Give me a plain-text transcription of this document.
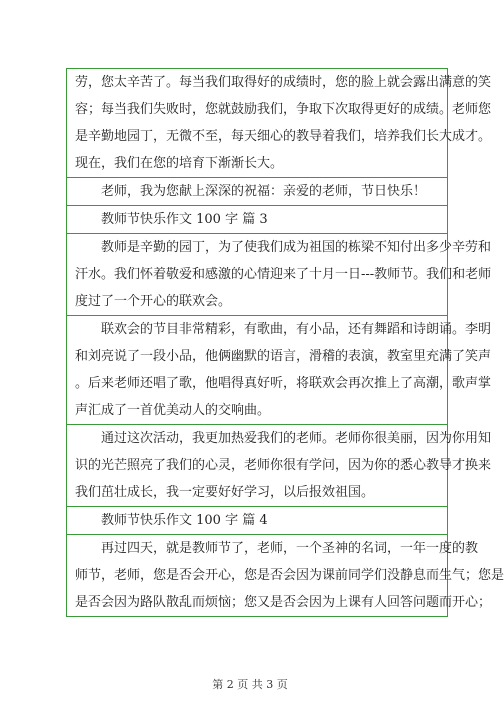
劳，您太辛苦了。每当我们取得好的成绩时，您的脸上就会露出满意的笑
容；每当我们失败时，您就鼓励我们，争取下次取得更好的成绩。老师您
是辛勤地园丁，无微不至，每天细心的教导着我们，培养我们长大成才。
现在，我们在您的培育下渐渐长大。
老师，我为您献上深深的祝福：亲爱的老师，节日快乐！
教师节快乐作文 100 字 篇 3
教师是辛勤的园丁，为了使我们成为祖国的栋梁不知付出多少辛劳和
汗水。我们怀着敬爱和感激的心情迎来了十月一日---教师节。我们和老师
度过了一个开心的联欢会。
联欢会的节目非常精彩，有歌曲，有小品，还有舞蹈和诗朗诵。李明
和刘亮说了一段小品，他俩幽默的语言，滑稽的表演，教室里充满了笑声
。后来老师还唱了歌，他唱得真好听，将联欢会再次推上了高潮，歌声掌
声汇成了一首优美动人的交响曲。
通过这次活动，我更加热爱我们的老师。老师你很美丽，因为你用知
识的光芒照亮了我们的心灵，老师你很有学问，因为你的悉心教导才换来
我们茁壮成长，我一定要好好学习，以后报效祖国。
教师节快乐作文 100 字 篇 4
再过四天，就是教师节了，老师，一个圣神的名词，一年一度的教
师节，老师，您是否会开心，您是否会因为课前同学们没静息而生气；您是
是否会因为路队散乱而烦恼；您又是否会因为上课有人回答问题而开心；
第 2 页 共 3 页
